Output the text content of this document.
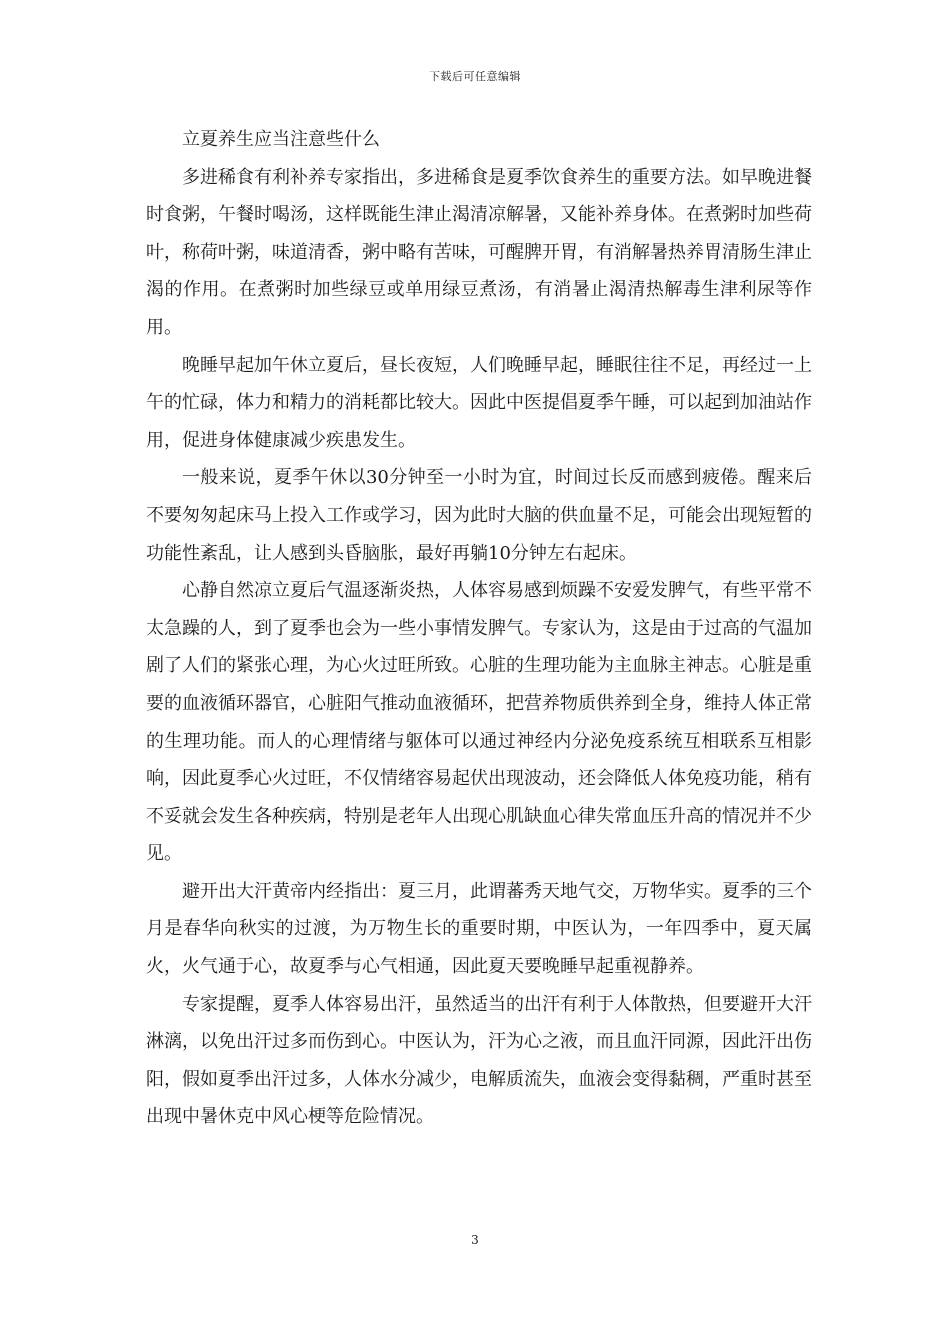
下载后可任意编辑

立夏养生应当注意些什么

多进稀食有利补养专家指出，多进稀食是夏季饮食养生的重要方法。如早晚进餐时食粥，午餐时喝汤，这样既能生津止渴清凉解暑，又能补养身体。在煮粥时加些荷叶，称荷叶粥，味道清香，粥中略有苦味，可醒脾开胃，有消解暑热养胃清肠生津止渴的作用。在煮粥时加些绿豆或单用绿豆煮汤，有消暑止渴清热解毒生津利尿等作用。

晚睡早起加午休立夏后，昼长夜短，人们晚睡早起，睡眠往往不足，再经过一上午的忙碌，体力和精力的消耗都比较大。因此中医提倡夏季午睡，可以起到加油站作用，促进身体健康减少疾患发生。

一般来说，夏季午休以30分钟至一小时为宜，时间过长反而感到疲倦。醒来后不要匆匆起床马上投入工作或学习，因为此时大脑的供血量不足，可能会出现短暂的功能性紊乱，让人感到头昏脑胀，最好再躺10分钟左右起床。

心静自然凉立夏后气温逐渐炎热，人体容易感到烦躁不安爱发脾气，有些平常不太急躁的人，到了夏季也会为一些小事情发脾气。专家认为，这是由于过高的气温加剧了人们的紧张心理，为心火过旺所致。心脏的生理功能为主血脉主神志。心脏是重要的血液循环器官，心脏阳气推动血液循环，把营养物质供养到全身，维持人体正常的生理功能。而人的心理情绪与躯体可以通过神经内分泌免疫系统互相联系互相影响，因此夏季心火过旺，不仅情绪容易起伏出现波动，还会降低人体免疫功能，稍有不妥就会发生各种疾病，特别是老年人出现心肌缺血心律失常血压升高的情况并不少见。

避开出大汗黄帝内经指出：夏三月，此谓蕃秀天地气交，万物华实。夏季的三个月是春华向秋实的过渡，为万物生长的重要时期，中医认为，一年四季中，夏天属火，火气通于心，故夏季与心气相通，因此夏天要晚睡早起重视静养。

专家提醒，夏季人体容易出汗，虽然适当的出汗有利于人体散热，但要避开大汗淋漓，以免出汗过多而伤到心。中医认为，汗为心之液，而且血汗同源，因此汗出伤阳，假如夏季出汗过多，人体水分减少，电解质流失，血液会变得黏稠，严重时甚至出现中暑休克中风心梗等危险情况。

3
